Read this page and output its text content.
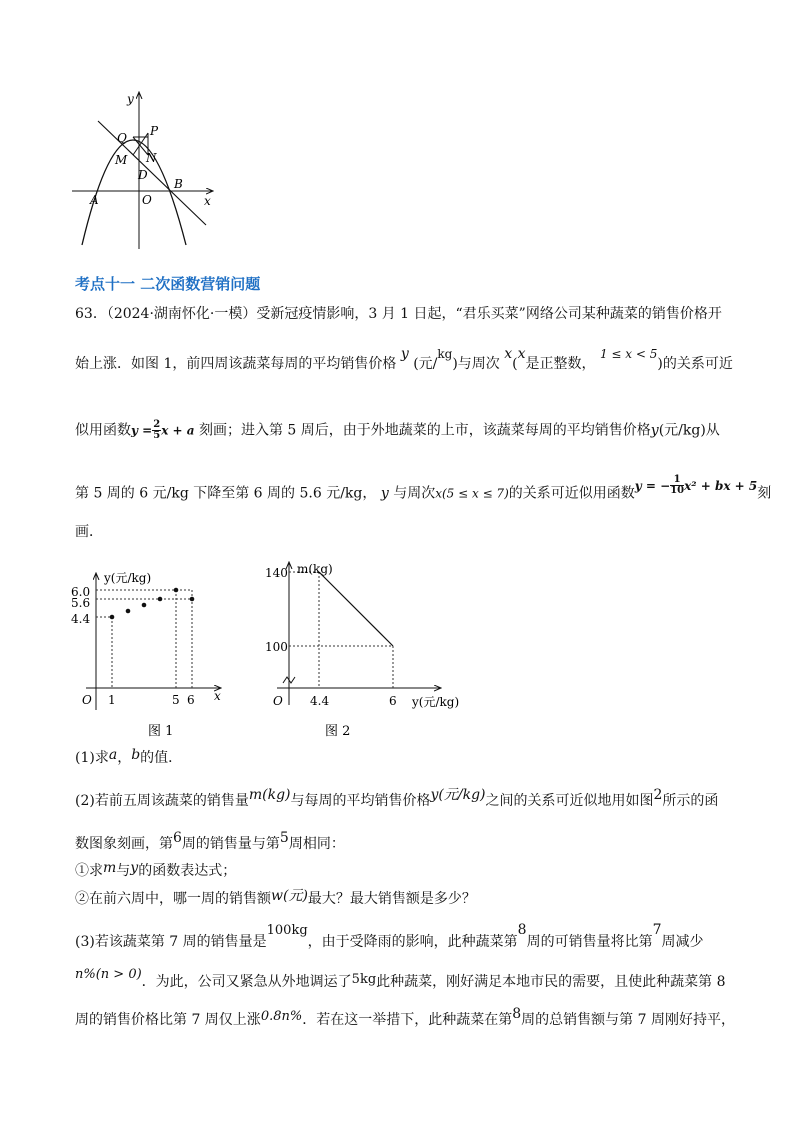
y
x
Q P
M N
D
B
A	O
考点十一 二次函数营销问题
63．（2024·湖南怀化·一模）受新冠疫情影响，3 月 1 日起，“君乐买菜”网络公司某种蔬菜的销售价格开
始上涨．如图 1，前四周该蔬菜每周的平均销售价格 y (元/kg)与周次 x(x是正整数， 1 ≤ x < 5)的关系可近
似用函数$y = \frac{2}{5}$ x + a 刻画；进入第 5 周后，由于外地蔬菜的上市，该蔬菜每周的平均销售价格y(元/kg)从
第 5 周的 6 元/kg 下降至第 6 周的 5.6 元/kg， y 与周次x(5 ≤ x ≤ 7)的关系可近似用函数y = − $\frac{1}{10} x^2$ + bx + 5刻
画．
y(元/kg)
x
O
6.0
5.6
4.4
1	5 6
图 1
m(kg)
y(元/kg)
O
140
100
4.4	6
图 2
(1)求a，b的值．
(2)若前五周该蔬菜的销售量m(kg)与每周的平均销售价格y(元/kg)之间的关系可近似地用如图2所示的函
数图象刻画，第6周的销售量与第5周相同：
①求m与y的函数表达式；
②在前六周中，哪一周的销售额w(元)最大？最大销售额是多少？
(3)若该蔬菜第 7 周的销售量是100kg，由于受降雨的影响，此种蔬菜第8周的可销售量将比第7周减少
n%(n > 0)．为此，公司又紧急从外地调运了5kg此种蔬菜，刚好满足本地市民的需要，且使此种蔬菜第 8
周的销售价格比第 7 周仅上涨0.8n%．若在这一举措下，此种蔬菜在第8周的总销售额与第 7 周刚好持平，
